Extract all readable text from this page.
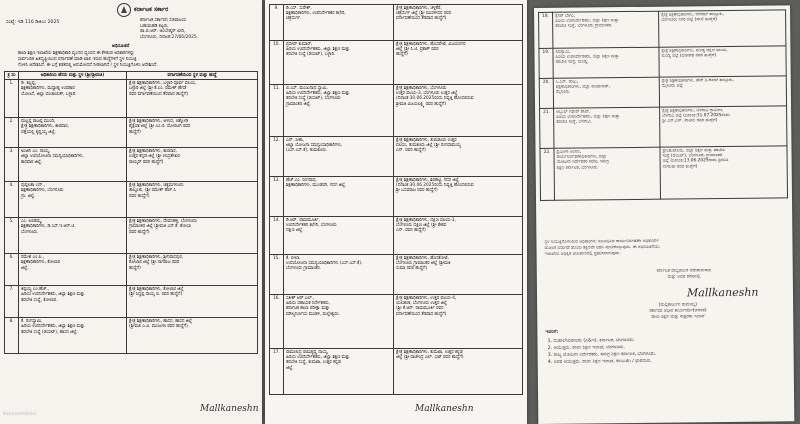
ಕರ್ನಾಟಕ ಸರ್ಕಾರ
ಸಂಖ್ಯೆ: ಇಡಿ 116 ಡಿಜಿಎಂ 2025	ಕರ್ನಾಟಕ ಸರ್ಕಾರದ ಸಚಿವಾಲಯ
ಬಹುಮಹಡಿ ಕಟ್ಟಡ,
ಡಾ.ಬಿ.ಆರ್. ಅಂಬೇಡ್ಕರ್ ವೀದಿ,
ಬೆಂಗಳೂರು, ದಿನಾಂಕ:27/06/2025.
ಅಧಿಸೂಚನೆ
ಶಾಲಾ ಶಿಕ್ಷಣ ಇಲಾಖೆಯ ಶಿಕ್ಷಣಾಧಿಕಾರಿ ವೃಂದದ ವೃಂದದ ಈ ಕೆಳಕಂಡ ಅಧಿಕಾರಿಗಳನ್ನು
ಸಾರ್ವಜನಿಕ ಹಿತದೃಷ್ಟಿಯಿಂದ ವರ್ಗಾವಣೆ ಮಾಡಿ ಖಾಲಿ ಇರುವ ಹುದ್ದೆಗಳಿಗೆ ಸ್ಥಳ ನಿಯುಕ್ತಿ
ಗೊಳಿಸಿ ಆದೇಶಿಸಿದೆ. ಈ ಬಗ್ಗೆ ಕಡತದಲ್ಲಿ ಅನುಮೋದನೆ ನೀಡಲಾಗಿದೆ / ಸ್ಥಳ ನಿಯುಕ್ತಿಗೊಳಿಸಿ ಆದೇಶಿಸಿದೆ.
ಕ್ರ ಸಂ	ಅಧಿಕಾರಿಯ ಹೆಸರು ಮತ್ತು ಸ್ಥಳ (ಶ್ರೀ/ಶ್ರೀಮತಿ)	ವರ್ಗಾವಣೆಯಿಂದ ಸ್ಥಳ ಮತ್ತು ಹುದ್ದೆ
1.	ಡಿ. ಕಲ್ಲಪ್ಪ,
ಶಿಕ್ಷಣಾಧಿಕಾರಿಗಳು, ಮಧ್ಯಾಹ್ನ ಉಪಹಾರ
ಯೋಜನೆ, ಜಿಲ್ಲಾ ಪಂಚಾಯತ್, ಬಳ್ಳಾರಿ.	ಕ್ಷೇತ್ರ ಶಿಕ್ಷಣಾಧಿಕಾರಿಗಳು, ಬಳ್ಳಾರಿ ಪೂರ್ವ ವಲಯ,
ಬಳ್ಳಾರಿ ಜಿಲ್ಲೆ (ಶ್ರೀ ಕೆ.ಎಂ. ರಮೇಶ್ ಹೆಗಡೆ
ರವರ ವರ್ಗಾವಣೆಯಿಂದ ತೆರವಾದ ಹುದ್ದೆಗೆ)
2.	ಮಲ್ಲಪ್ಪ ರಾಜಪ್ಪ ಮುಂದಿ,
ಕ್ಷೇತ್ರ ಶಿಕ್ಷಣಾಧಿಕಾರಿಗಳು, ಕಾರವಾರ,
ಪತ್ತೆಯಲ್ಲಿ ಕೃಷ್ಣಯ್ಯ ಜಿಲ್ಲೆ.	ಕ್ಷೇತ್ರ ಶಿಕ್ಷಣಾಧಿಕಾರಿಗಳು, ಆಳಂದ, ಚಿಕ್ಕೋಡಿ
ಶೈಕ್ಷಣಿಕ ಜಿಲ್ಲೆ (ಶ್ರೀ ಎಂ.ಬಿ. ಮೋರಟಗಿ ರವರ
ಹುದ್ದೆಗೆ)
3.	ಅಂಜಿನಿ ಎಂ. ನಾಯ್ಕ,
ಜಿಲ್ಲಾ ಉಪಯೋಜನಾ ಸಮನ್ವಯಾಧಿಕಾರಿಗಳು,
ಕಾರವಾರ ಜಿಲ್ಲೆ.	ಕ್ಷೇತ್ರ ಶಿಕ್ಷಣಾಧಿಕಾರಿಗಳು, ಕಾರವಾರ,
ಉತ್ತರ ಕನ್ನಡ ಜಿಲ್ಲೆ (ಶ್ರೀ ಚಂದ್ರಶೇಖರ
ರಾಯ್ಕರ್ ರವರ ಹುದ್ದೆಗೆ)
4.	ಪುಷ್ಪಲತಾ ಎನ್.,
ಶಿಕ್ಷಣಾಧಿಕಾರಿಗಳು, ಬೆಂಗಳೂರು
ಗ್ರಾ. ಜಿಲ್ಲೆ.	ಕ್ಷೇತ್ರ ಶಿಕ್ಷಣಾಧಿಕಾರಿಗಳು, ಚಿಕ್ಕಮಗಳೂರು
ತಾಲ್ಲೂಕು, (ಶ್ರೀ ರಮೇಶ್ ಹೆಚ್.ಸಿ
ರವರ ಹುದ್ದೆಗೆ)
5.	ಎಂ. ಲಲಿತಮ್ಮ,
ಶಿಕ್ಷಣಾಧಿಕಾರಿಗಳು, ಡಿ.ಎಸ್.ಇ.ಆರ್.ಟಿ.
ಬೆಂಗಳೂರು.	ಕ್ಷೇತ್ರ ಶಿಕ್ಷಣಾಧಿಕಾರಿಗಳು, ದೇವನಹಳ್ಳಿ, ಬೆಂಗಳೂರು
ಗ್ರಾಮಾಂತರ ಜಿಲ್ಲೆ (ಶ್ರೀಮತಿ ಎಸ್.ಕೆ. ಶೋಭಾ
ರವರ ಹುದ್ದೆಗೆ)
6.	ರಮೇಶ ಎಂ.ಪಿ.,
ಶಿಕ್ಷಣಾಧಿಕಾರಿಗಳು, ಕೋಲಾರ
ಜಿಲ್ಲೆ.	ಕ್ಷೇತ್ರ ಶಿಕ್ಷಣಾಧಿಕಾರಿಗಳು, ಶ್ರೀನಿವಾಸಪುರ,
ಕೋಲಾರ ಜಿಲ್ಲೆ (ಶ್ರೀ ನಾಗರಾಜ ರವರ
ಹುದ್ದೆಗೆ)
7.	ತಿಪ್ಪಯ್ಯ ಎಂ.ಹೆಚ್.,
ಹಿರಿಯ ಉಪನಿರ್ದೇಶಕರು, ಜಿಲ್ಲಾ ಶಿಕ್ಷಣ ಮತ್ತು
ತರಬೇತಿ ಸಂಸ್ಥೆ, ಕೋಲಾರ.	ಕ್ಷೇತ್ರ ಶಿಕ್ಷಣಾಧಿಕಾರಿಗಳು, ಕೋಲಾರ ಜಿಲ್ಲೆ
(ಶ್ರೀ ಸಿದ್ದಪ್ಪ ನಾಯ್ಕ ಬಿ. ರವರ ಹುದ್ದೆಗೆ)
8.	ಕೆ. ರಂಗಸ್ವಾಮಿ,
ಹಿರಿಯ ಉಪನಿರ್ದೇಶಕರು, ಜಿಲ್ಲಾ ಶಿಕ್ಷಣ ಮತ್ತು
ತರಬೇತಿ ಸಂಸ್ಥೆ (ಡಯಟ್), ಹಾಸನ ಜಿಲ್ಲೆ.	ಕ್ಷೇತ್ರ ಶಿಕ್ಷಣಾಧಿಕಾರಿಗಳು, ಹಾಸನ, ಹಾಸನ ಜಿಲ್ಲೆ
(ಶ್ರೀಮತಿ ಎ.ವಿ. ಮಂಜುಳಾ ರವರ ಹುದ್ದೆಗೆ)
Mallkaneshn
KannadaVahini
9.	ಡಿ.ಎಸ್. ಸುರೇಶ್,
ಶಿಕ್ಷಣಾಧಿಕಾರಿಗಳು, ಉಪನಿರ್ದೇಶಕರ ಕಛೇರಿ,
ಚಿತ್ರದುರ್ಗ.	ಕ್ಷೇತ್ರ ಶಿಕ್ಷಣಾಧಿಕಾರಿಗಳು, ಚಳ್ಳಕೆರೆ,
ಚಿತ್ರದುರ್ಗ ಜಿಲ್ಲೆ (ಶ್ರೀ ಮುರಳೀಧರ ರವರ
ವರ್ಗಾವಣೆಯಿಂದ ತೆರವಾದ ಹುದ್ದೆಗೆ)
10.	ಪ್ರದೀಪ್ ಕುಮಾರ್,
ಹಿರಿಯ ಉಪನಿರ್ದೇಶಕರು, ಜಿಲ್ಲಾ ಶಿಕ್ಷಣ ಮತ್ತು
ತರಬೇತಿ ಸಂಸ್ಥೆ (ಡಯಟ್), ಬಳ್ಳಾರಿ.	ಕ್ಷೇತ್ರ ಶಿಕ್ಷಣಾಧಿಕಾರಿಗಳು, ಹೊಸಪೇಟೆ, ವಿಜಯನಗರ
ಜಿಲ್ಲೆ (ಶ್ರೀ ಸಿ.ಟಿ. ಪ್ರಕಾಶ್ ರವರ
ಹುದ್ದೆಗೆ)
11.	ಬಿ.ಎಸ್. ಮಂಜುನಾಥ ಸ್ವಾಮಿ,
ಹಿರಿಯ ಉಪನಿರ್ದೇಶಕರು, ಜಿಲ್ಲಾ ಶಿಕ್ಷಣ ಮತ್ತು
ತರಬೇತಿ ಸಂಸ್ಥೆ (ಡಯಟ್), ಬೆಂಗಳೂರು
ಗ್ರಾಮಾಂತರ ಜಿಲ್ಲೆ.	ಕ್ಷೇತ್ರ ಶಿಕ್ಷಣಾಧಿಕಾರಿಗಳು, ಬೆಂಗಳೂರು
ಉತ್ತರ ವಲಯ-3, ಬೆಂಗಳೂರು ಉತ್ತರ ಜಿಲ್ಲೆ
(ದಿನಾಂಕ:30.06.2025ರಂದು ನಿವೃತ್ತಿ ಹೊಂದಲಿರುವ
ಶ್ರೀಮತಿ ವಿಜಯಲಕ್ಷ್ಮಿ ರವರ ಹುದ್ದೆಗೆ)
12.	ಎನ್. ಸೀತಾ,
ಜಿಲ್ಲಾ ಯೋಜನಾ ಸಮನ್ವಯಾಧಿಕಾರಿಗಳು,
(ಎಸ್.ಎಸ್.ಕೆ), ತುಮಕೂರು.	ಕ್ಷೇತ್ರ ಶಿಕ್ಷಣಾಧಿಕಾರಿಗಳು, ತುಮಕೂರು ಉತ್ತರ
ವಲಯ, ತುಮಕೂರು ಜಿಲ್ಲೆ (ಶ್ರೀ ರಂಗಧಾಮಯ್ಯ
ಎನ್. ರವರ ಹುದ್ದೆಗೆ)
13.	ಹೆಚ್.ಎಂ. ರಂಗನಾಥ,
ಶಿಕ್ಷಣಾಧಿಕಾರಿಗಳು, ಮುಂಡರಗಿ, ಗದಗ ಜಿಲ್ಲೆ.	ಕ್ಷೇತ್ರ ಶಿಕ್ಷಣಾಧಿಕಾರಿಗಳು, ಶಿರಹಟ್ಟಿ, ಗದಗ ಜಿಲ್ಲೆ
(ದಿನಾಂಕ:30.06.2025ರಂದು ನಿವೃತ್ತಿ ಹೊಂದಲಿರುವ
ಶ್ರೀ ಬಸವರಾಜ ರವರ ಹುದ್ದೆಗೆ)
14.	ಡಿ.ಆರ್. ರಾಮಮೂರ್ತಿ,
ಉಪನಿರ್ದೇಶಕರ ಕಛೇರಿ, ಬೆಂಗಳೂರು
ದಕ್ಷಿಣ ಜಿಲ್ಲೆ.	ಕ್ಷೇತ್ರ ಶಿಕ್ಷಣಾಧಿಕಾರಿಗಳು, ದಕ್ಷಿಣ ವಲಯ-3,
ಬೆಂಗಳೂರು ದಕ್ಷಿಣ ಜಿಲ್ಲೆ (ಶ್ರೀ ಕೇಶವ
ಎನ್. ರವರ ಹುದ್ದೆಗೆ)
15.	ಕೆ. ಲೀಲಾ,
ಉಪಯೋಜನಾ ಸಮನ್ವಯಾಧಿಕಾರಿಗಳು (ಎಸ್.ಎಸ್.ಕೆ),
ಬೆಂಗಳೂರು ಗ್ರಾಮಾಂತರ.	ಕ್ಷೇತ್ರ ಶಿಕ್ಷಣಾಧಿಕಾರಿಗಳು, ಹೊಸಕೋಟೆ,
ಬೆಂಗಳೂರು ಗ್ರಾಮಾಂತರ ಜಿಲ್ಲೆ (ಶ್ರೀಮತಿ
ಸುಮಾ ರವರ ಹುದ್ದೆಗೆ)
16.	ಸತೀಶ್ ಆರ್.ಎಲ್.,
ಹಿರಿಯ ಸಹಾಯಕ ನಿರ್ದೇಶಕರು,
ಕರ್ನಾಟಕ ಶಾಲಾ ಪರೀಕ್ಷಾ ಮತ್ತು
ಮೌಲ್ಯನಿರ್ಣಯ ಮಂಡಳಿ, ಮಲ್ಲೇಶ್ವರಂ.	ಕ್ಷೇತ್ರ ಶಿಕ್ಷಣಾಧಿಕಾರಿಗಳು, ಉತ್ತರ ವಲಯ-4,
ಯಲಹಂಕ, ಬೆಂಗಳೂರು ಉತ್ತರ ಜಿಲ್ಲೆ
(ಶ್ರೀ ಕೆ.ಆರ್. ರಾಮಮೂರ್ತಿ ರವರ
ವರ್ಗಾವಣೆಯಿಂದ ತೆರವಾದ ಹುದ್ದೆಗೆ)
17.	ರಾಮಚಂದ್ರ ರಾಮಕೃಷ್ಣ ನಾಯ್ಕ,
ಹಿರಿಯ ಉಪನಿರ್ದೇಶಕರು, ಜಿಲ್ಲಾ ಶಿಕ್ಷಣ ಮತ್ತು
ತರಬೇತಿ ಸಂಸ್ಥೆ, ಕುಮಟಾ, ಉತ್ತರ ಕನ್ನಡ
ಜಿಲ್ಲೆ.	ಕ್ಷೇತ್ರ ಶಿಕ್ಷಣಾಧಿಕಾರಿಗಳು, ಕುಮಟಾ, ಉತ್ತರ ಕನ್ನಡ
ಜಿಲ್ಲೆ (ಶ್ರೀ ರಾಜೇಂದ್ರ ಎಲ್. ಭಟ್ ರವರ ಹುದ್ದೆಗೆ)
Mallkaneshn
18.	ಕೈಸರ್ ಬೇಗಂ,
ಹಿರಿಯ ಉಪನಿರ್ದೇಶಕರು, ಜಿಲ್ಲಾ ಶಿಕ್ಷಣ ಮತ್ತು
ತರಬೇತಿ ಸಂಸ್ಥೆ, ಬೆಂಗಳೂರು ಗ್ರಾಮಾಂತರ.	ಕ್ಷೇತ್ರ ಶಿಕ್ಷಣಾಧಿಕಾರಿಗಳು, ಆನೇಕಲ್ ತಾಲ್ಲೂಕು,
ಬೆಂಗಳೂರು ನಗರ ಜಿಲ್ಲೆ (ಖಾಲಿ ಹುದ್ದೆಗೆ)
19.	ಶಿವಸ್ವಾಮಿ,
ಹಿರಿಯ ಉಪನಿರ್ದೇಶಕರು, ಜಿಲ್ಲಾ ಶಿಕ್ಷಣ ಮತ್ತು
ತರಬೇತಿ ಸಂಸ್ಥೆ, ಮಂಡ್ಯ.	ಕ್ಷೇತ್ರ ಶಿಕ್ಷಣಾಧಿಕಾರಿಗಳು, ಮಂಡ್ಯ ದಕ್ಷಿಣ ವಲಯ,
ಮಂಡ್ಯ ಜಿಲ್ಲೆ (ಲೋಕೇಶ ರವರ ಹುದ್ದೆಗೆ)
20.	ಸಿ.ಎನ್. ರಾಜು,
ಶಿಕ್ಷಣಾಧಿಕಾರಿಗಳು, ಜಿಲ್ಲಾ ಪಂಚಾಯತ್,
ಮೈಸೂರು.	ಕ್ಷೇತ್ರ ಶಿಕ್ಷಣಾಧಿಕಾರಿಗಳು, ಹೆಚ್.ಡಿ.ಕೋಟೆ ತಾಲ್ಲೂಕು,
ಮೈಸೂರು ಜಿಲ್ಲೆ
21.	ಅಬ್ದುಲ್ ಗಫಾರ್ ಶೇಖ್,
ಹಿರಿಯ ಉಪನಿರ್ದೇಶಕರು, ಜಿಲ್ಲಾ ಶಿಕ್ಷಣ ಮತ್ತು
ತರಬೇತಿ ಸಂಸ್ಥೆ, ಬೆಳಗಾವಿ.	ಕ್ಷೇತ್ರ ಶಿಕ್ಷಣಾಧಿಕಾರಿಗಳು, ಬೆಳಗಾವಿ ಗ್ರಾಮೀಣ,
ಬೆಳಗಾವಿ ಜಿಲ್ಲೆ (ದಿನಾಂಕ:31.07.2025ರಂದು
ಶ್ರೀ ಎಸ್.ಎಸ್. ಪಾಟೀಲ ರವರ ಹುದ್ದೆಗೆ)
22.	ಪ್ರಮೀಳಾ ಅಂಗಡಿ,
ಕಾರ್ಯನಿರ್ವಹಣಾಧಿಕಾರಿಗಳು, ಜಿಲ್ಲಾ
ಯೋಜನಾ ನಿರ್ದೇಶಕರ ಕಛೇರಿ, ಸಮಗ್ರ
ಶಿಕ್ಷಣ ಕರ್ನಾಟಕ, ಬೆಂಗಳೂರು.	ಪ್ರಾಂಶುಪಾಲರು, ಜಿಲ್ಲಾ ಶಿಕ್ಷಣ ಮತ್ತು ತರಬೇತಿ
ಸಂಸ್ಥೆ (ಡಯಟ್), ಬೆಂಗಳೂರು ಗ್ರಾಮಾಂತರ
ಜಿಲ್ಲೆ (ದಿನಾಂಕ:13.06.2025ರಂದು ಶ್ರೀಮತಿ
ನಾಗಲತಾ ರವರ ಹುದ್ದೆಗೆ)
ಸ್ಥಳ ನಿಯುಕ್ತಿಗೊಳಿಸಿರುವ ಅಧಿಕಾರಿಗಳು ಸಂಬಂಧಿಸಿದ ಕಾರ್ಯನಿರ್ವಹಣಾ ಅಧಿಕಾರಿಗಳ
ಮೂಲಕ ಬಿಡುಗಡೆ ಹೊಂದಿ ತಕ್ಷಣವೇ ವರದಿ ಮಾಡಿಕೊಳ್ಳುವುದು. ಈ ಅಧಿಸೂಚನೆಯು
ಇಲಾಖೆಯ ಅಧಿಕೃತ ಜಾಲತಾಣದಲ್ಲಿ ಪ್ರಕಟಿಸಲಾಗುವುದು.
ಕರ್ನಾಟಕ ರಾಜ್ಯಪಾಲರ ಆದೇಶಾನುಸಾರ
ಮತ್ತು ಅವರ ಹೆಸರಿನಲ್ಲಿ
Mallkaneshn
(ಮಲ್ಲಿಕಾರ್ಜುನ ರಾಮಯ್ಯ)
ಸರ್ಕಾರದ ಅಧೀನ ಕಾರ್ಯದರ್ಶಿ(ಆಡಳಿತ)
ಶಾಲಾ ಶಿಕ್ಷಣ ಮತ್ತು ಸಾಕ್ಷರತಾ ಇಲಾಖೆ
ಇವರಿಗೆ:
1. ಮಹಾಲೇಖಪಾಲರು (ಎ&ಇ), ಕರ್ನಾಟಕ, ಬೆಂಗಳೂರು.
2. ಆಯುಕ್ತರು, ಶಾಲಾ ಶಿಕ್ಷಣ ಇಲಾಖೆ, ಬೆಂಗಳೂರು.
3. ರಾಜ್ಯ ಯೋಜನಾ ನಿರ್ದೇಶಕರು, ಸಮಗ್ರ ಶಿಕ್ಷಣ ಕರ್ನಾಟಕ, ಬೆಂಗಳೂರು.
4. ಅಪರ ಆಯುಕ್ತರು, ಶಾಲಾ ಶಿಕ್ಷಣ ಇಲಾಖೆ, ಕಲಬುರಗಿ / ಧಾರವಾಡ.
